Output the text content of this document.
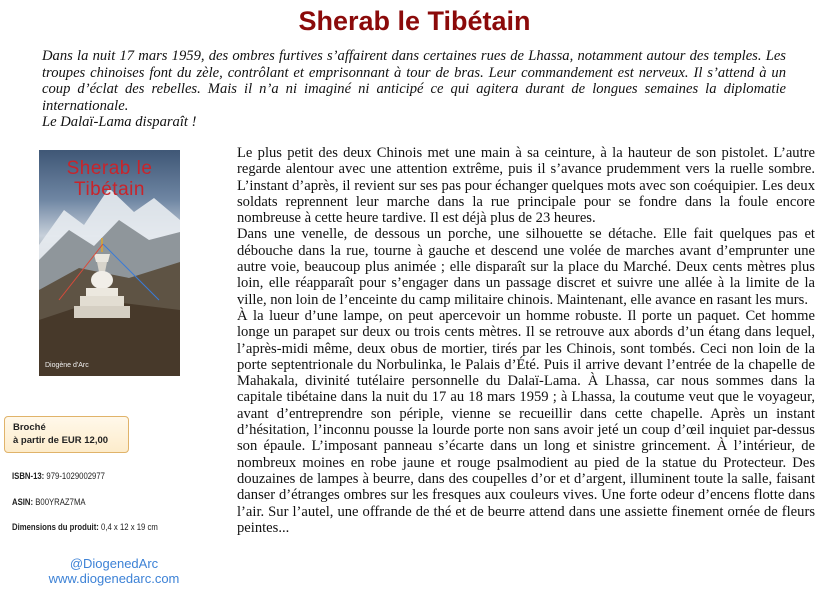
Sherab le Tibétain

Dans la nuit 17 mars 1959, des ombres furtives s’affairent dans certaines rues de Lhassa, notamment autour des temples. Les troupes chinoises font du zèle, contrôlant et emprisonnant à tour de bras. Leur commandement est nerveux. Il s’attend à un coup d’éclat des rebelles. Mais il n’a ni imaginé ni anticipé ce qui agitera durant de longues semaines la diplomatie internationale.

Le Dalaï-Lama disparaît !

Sherab le
Tibétain
Diogène d'Arc
Broché
à partir de EUR 12,00
ISBN-13: 979-1029002977
ASIN: B00YRAZ7MA
Dimensions du produit: 0,4 x 12 x 19 cm
@DiogenedArc
www.diogenedarc.com

Le plus petit des deux Chinois met une main à sa ceinture, à la hauteur de son pistolet. L’autre regarde alentour avec une attention extrême, puis il s’avance prudemment vers la ruelle sombre. L’instant d’après, il revient sur ses pas pour échanger quelques mots avec son coéquipier. Les deux soldats reprennent leur marche dans la rue principale pour se fondre dans la foule encore nombreuse à cette heure tardive. Il est déjà plus de 23 heures.

Dans une venelle, de dessous un porche, une silhouette se détache. Elle fait quelques pas et débouche dans la rue, tourne à gauche et descend une volée de marches avant d’emprunter une autre voie, beaucoup plus animée ; elle disparaît sur la place du Marché. Deux cents mètres plus loin, elle réapparaît pour s’engager dans un passage discret et suivre une allée à la limite de la ville, non loin de l’enceinte du camp militaire chinois. Maintenant, elle avance en rasant les murs.

À la lueur d’une lampe, on peut apercevoir un homme robuste. Il porte un paquet. Cet homme longe un parapet sur deux ou trois cents mètres. Il se retrouve aux abords d’un étang dans lequel, l’après-midi même, deux obus de mortier, tirés par les Chinois, sont tombés. Ceci non loin de la porte septentrionale du Norbulinka, le Palais d’Été. Puis il arrive devant l’entrée de la chapelle de Mahakala, divinité tutélaire personnelle du Dalaï-Lama. À Lhassa, car nous sommes dans la capitale tibétaine dans la nuit du 17 au 18 mars 1959 ; à Lhassa, la coutume veut que le voyageur, avant d’entreprendre son périple, vienne se recueillir dans cette chapelle. Après un instant d’hésitation, l’inconnu pousse la lourde porte non sans avoir jeté un coup d’œil inquiet par-dessus son épaule. L’imposant panneau s’écarte dans un long et sinistre grincement. À l’intérieur, de nombreux moines en robe jaune et rouge psalmodient au pied de la statue du Protecteur. Des douzaines de lampes à beurre, dans des coupelles d’or et d’argent, illuminent toute la salle, faisant danser d’étranges ombres sur les fresques aux couleurs vives. Une forte odeur d’encens flotte dans l’air. Sur l’autel, une offrande de thé et de beurre attend dans une assiette finement ornée de fleurs peintes...
